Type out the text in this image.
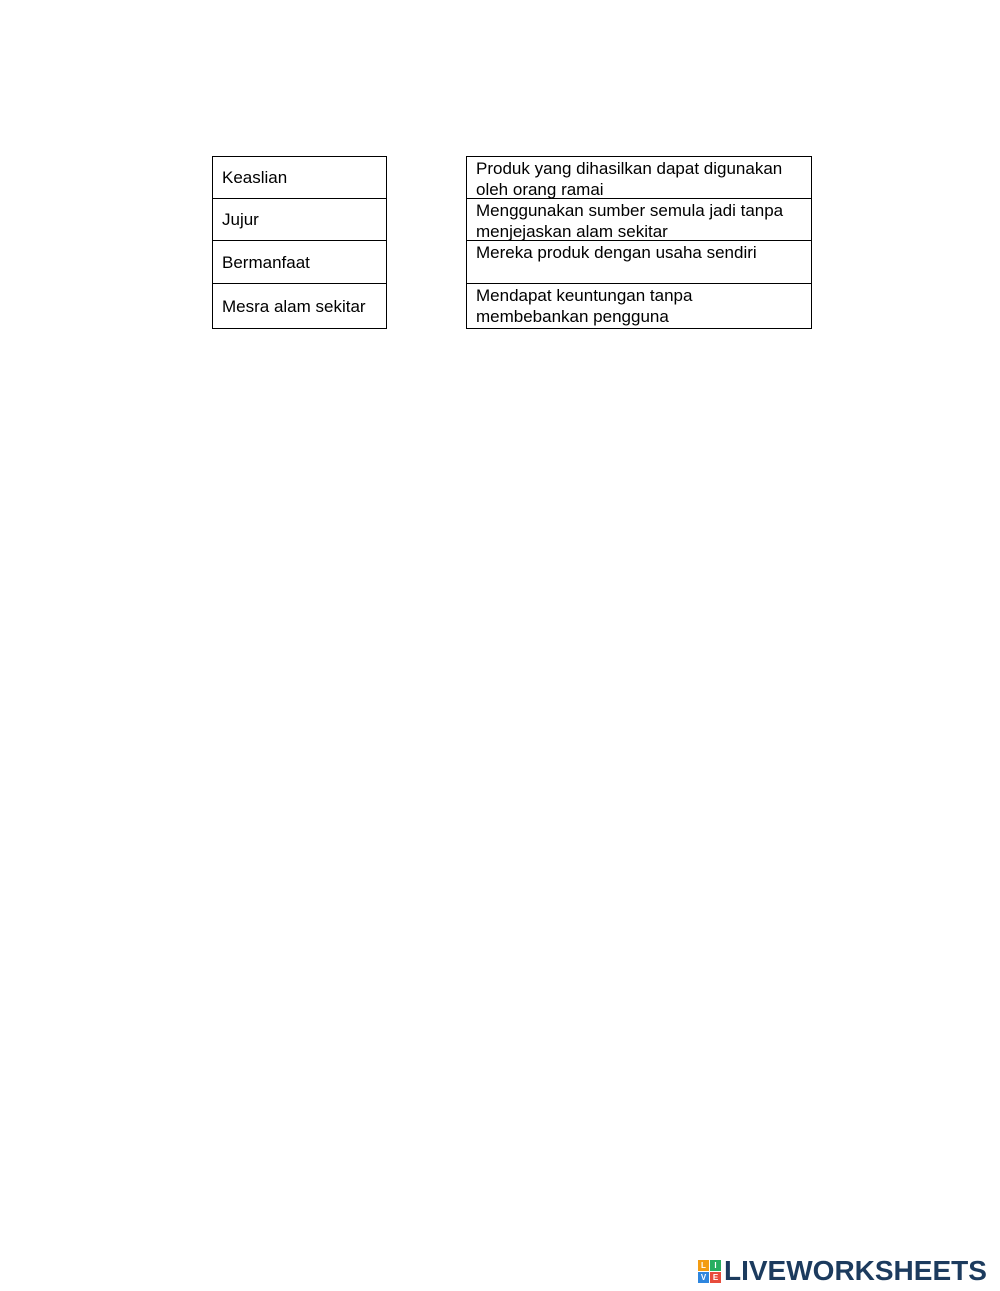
Keaslian
Jujur
Bermanfaat
Mesra alam sekitar
Produk yang dihasilkan dapat digunakan
oleh orang ramai
Menggunakan sumber semula jadi tanpa
menjejaskan alam sekitar
Mereka produk dengan usaha sendiri
Mendapat keuntungan tanpa
membebankan pengguna
L	I
V E LIVEWORKSHEETS
